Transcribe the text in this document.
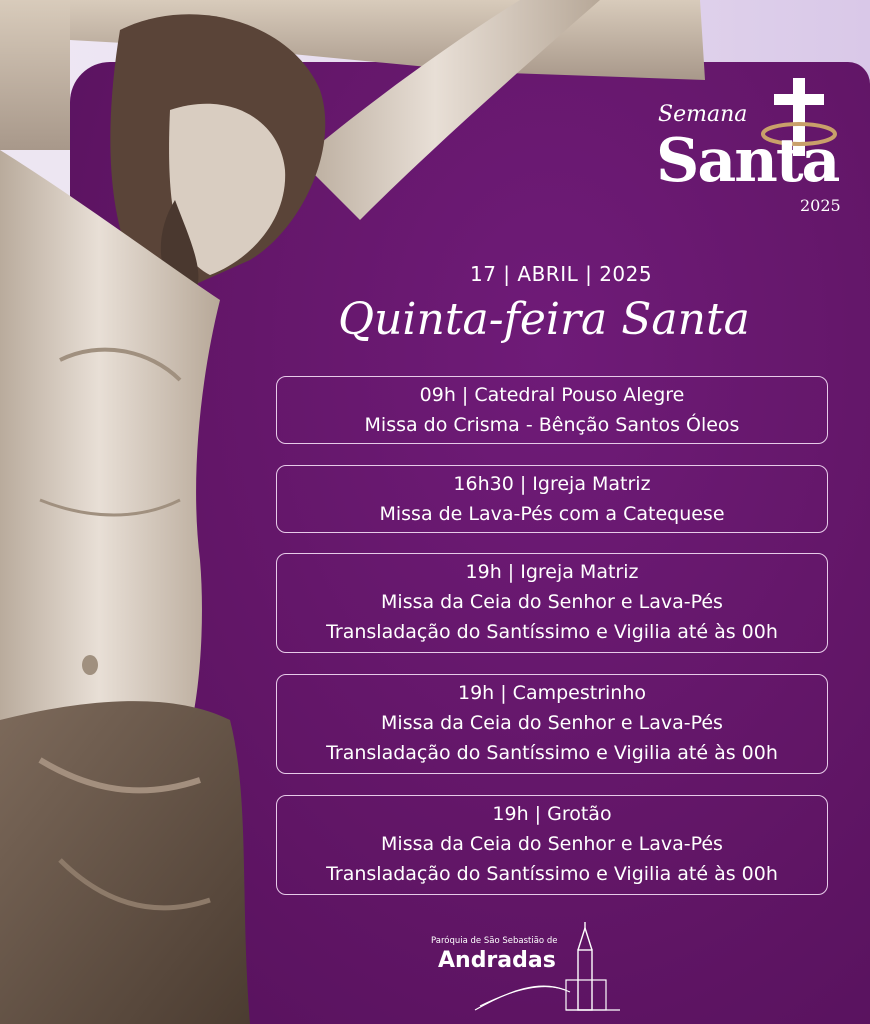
Semana
Santa
2025
17 | ABRIL | 2025
Quinta-feira Santa
09h | Catedral Pouso Alegre
Missa do Crisma - Bênção Santos Óleos
16h30 | Igreja Matriz
Missa de Lava-Pés com a Catequese
19h | Igreja Matriz
Missa da Ceia do Senhor e Lava-Pés
Transladação do Santíssimo e Vigilia até às 00h
19h | Campestrinho
Missa da Ceia do Senhor e Lava-Pés
Transladação do Santíssimo e Vigilia até às 00h
19h | Grotão
Missa da Ceia do Senhor e Lava-Pés
Transladação do Santíssimo e Vigilia até às 00h
Paróquia de São Sebastião de
Andradas
